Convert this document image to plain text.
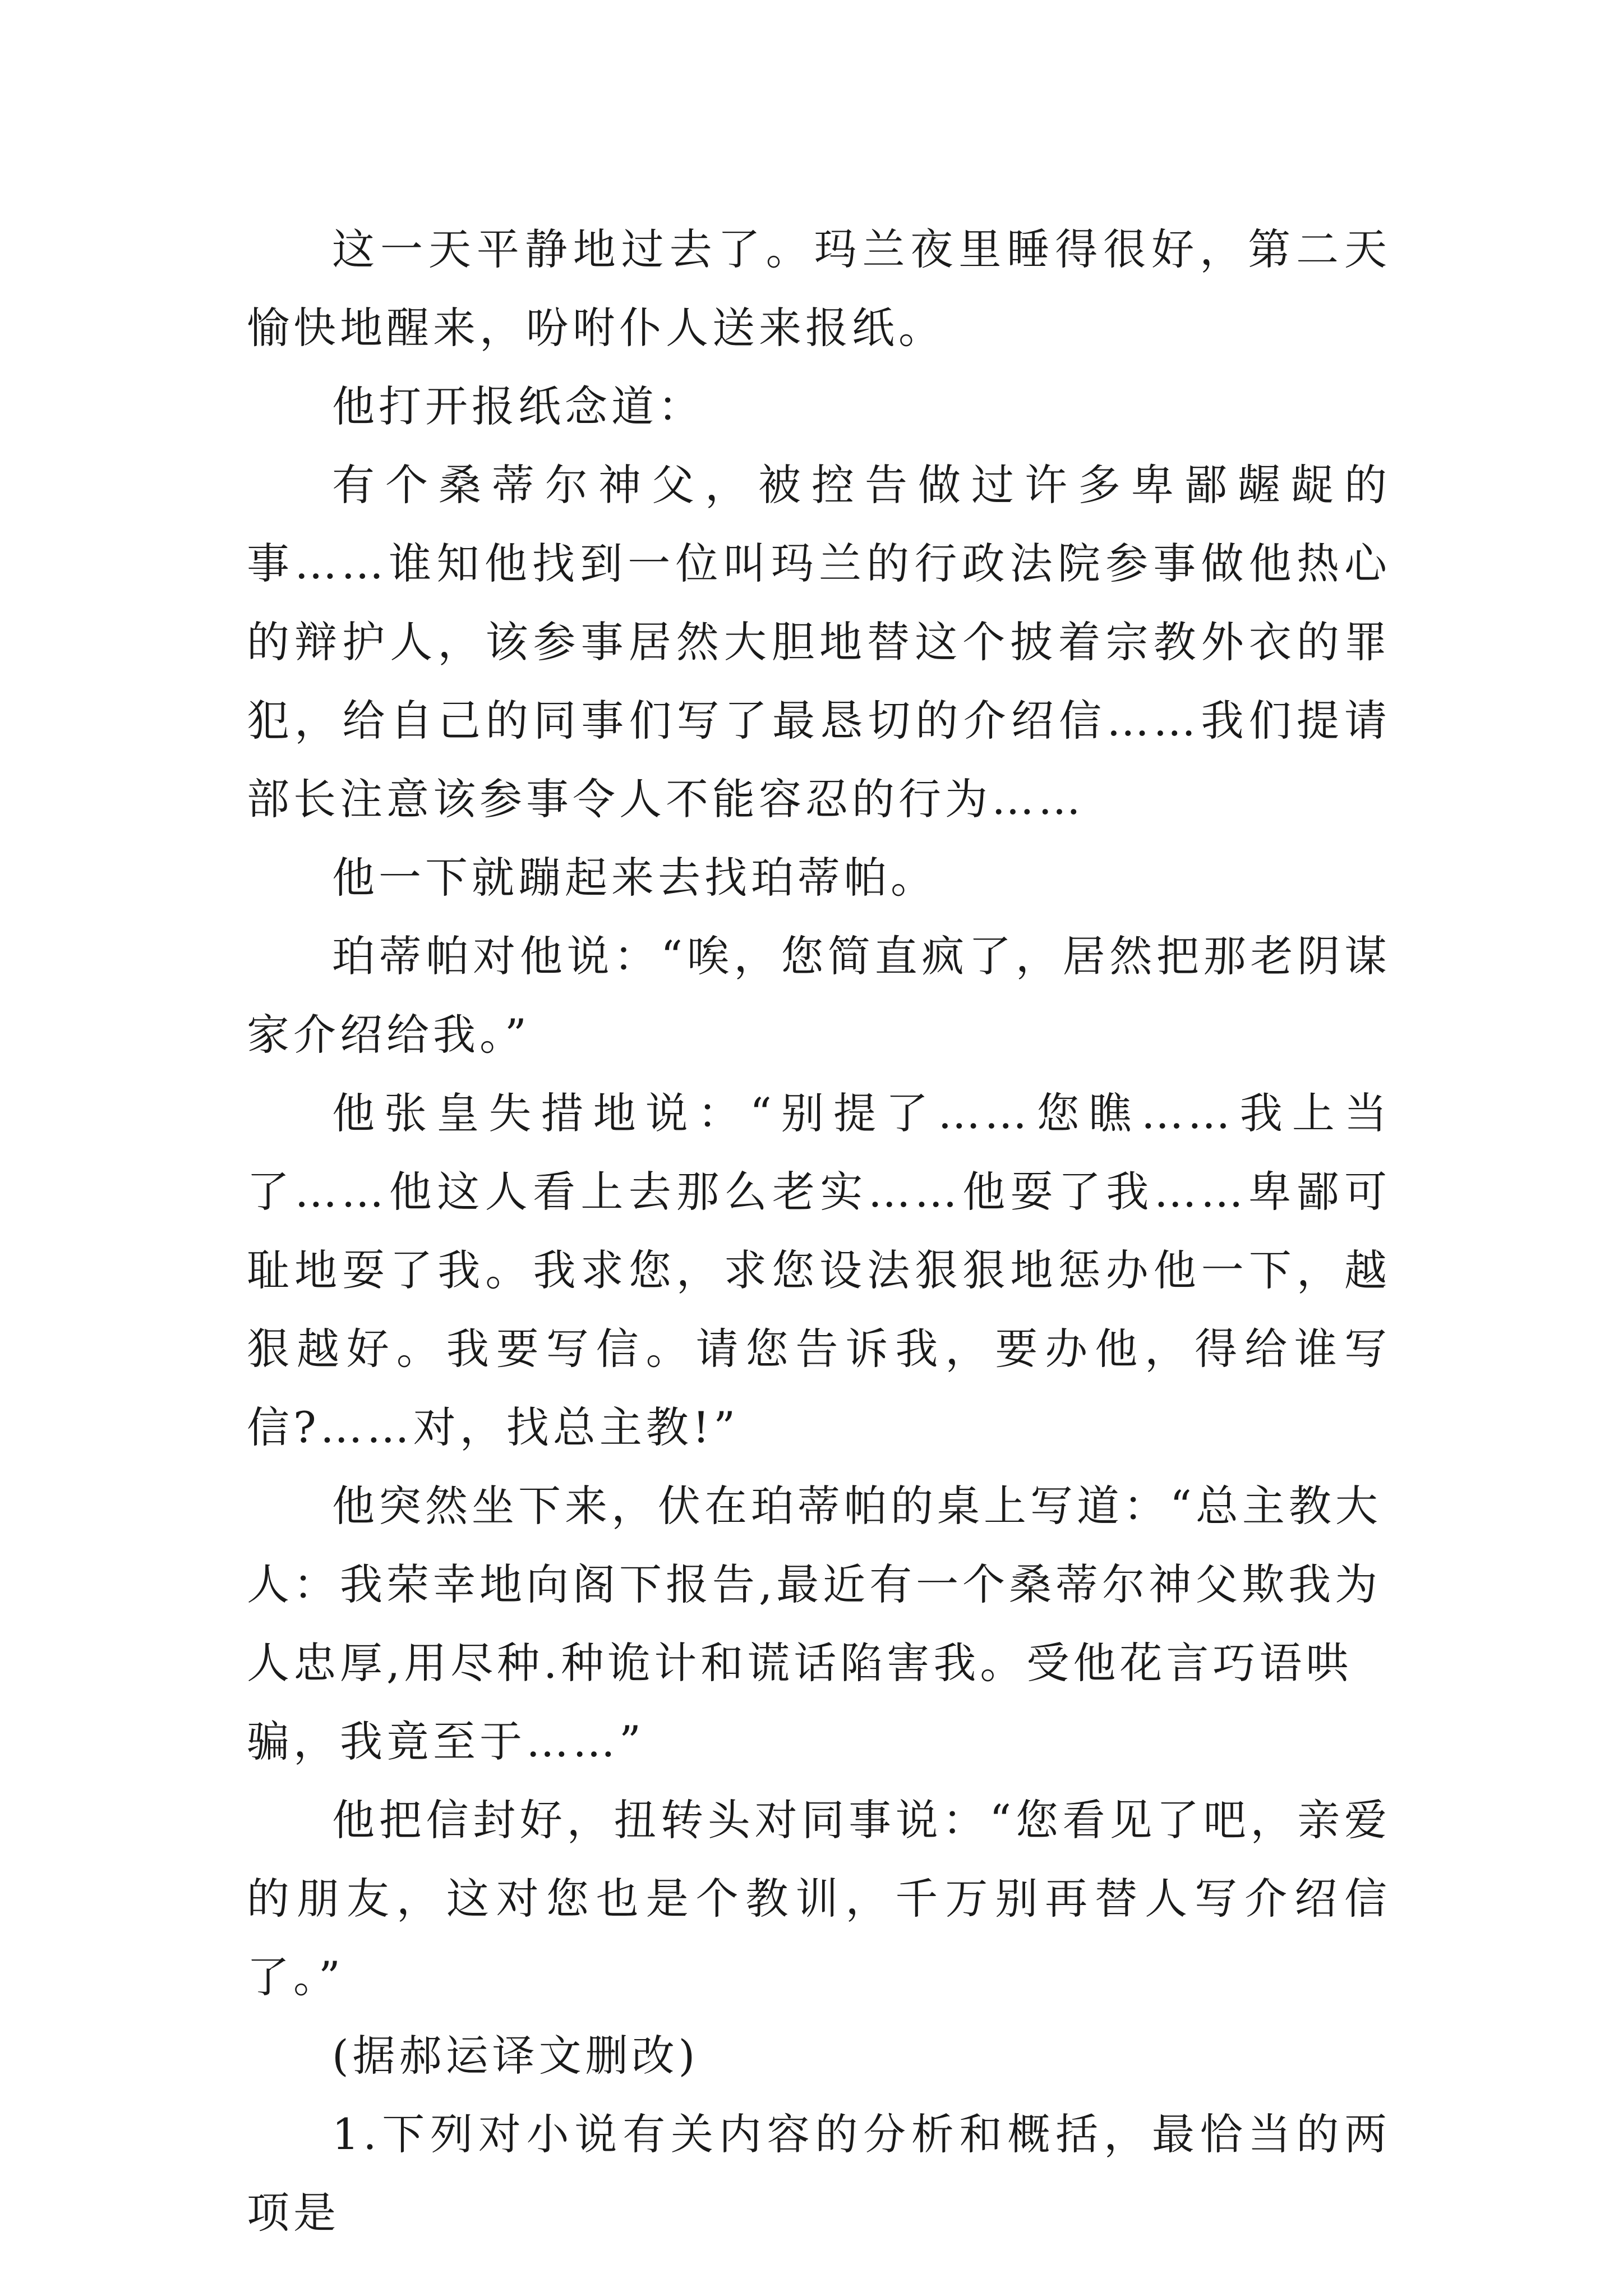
这一天平静地过去了。玛兰夜里睡得很好，第二天愉快地醒来，吩咐仆人送来报纸。

他打开报纸念道：

有个桑蒂尔神父，被控告做过许多卑鄙龌龊的事……谁知他找到一位叫玛兰的行政法院参事做他热心的辩护人，该参事居然大胆地替这个披着宗教外衣的罪犯，给自己的同事们写了最恳切的介绍信……我们提请部长注意该参事令人不能容忍的行为……

他一下就蹦起来去找珀蒂帕。

珀蒂帕对他说：“唉，您简直疯了，居然把那老阴谋家介绍给我。”

他张皇失措地说：“别提了……您瞧……我上当了……他这人看上去那么老实……他耍了我……卑鄙可耻地耍了我。我求您，求您设法狠狠地惩办他一下，越狠越好。我要写信。请您告诉我，要办他，得给谁写信?……对，找总主教!”

他突然坐下来，伏在珀蒂帕的桌上写道：“总主教大人：我荣幸地向阁下报告,最近有一个桑蒂尔神父欺我为人忠厚,用尽种.种诡计和谎话陷害我。受他花言巧语哄骗，我竟至于……”

他把信封好，扭转头对同事说：“您看见了吧，亲爱的朋友，这对您也是个教训，千万别再替人写介绍信了。”

(据郝运译文删改)

1.下列对小说有关内容的分析和概括，最恰当的两项是
